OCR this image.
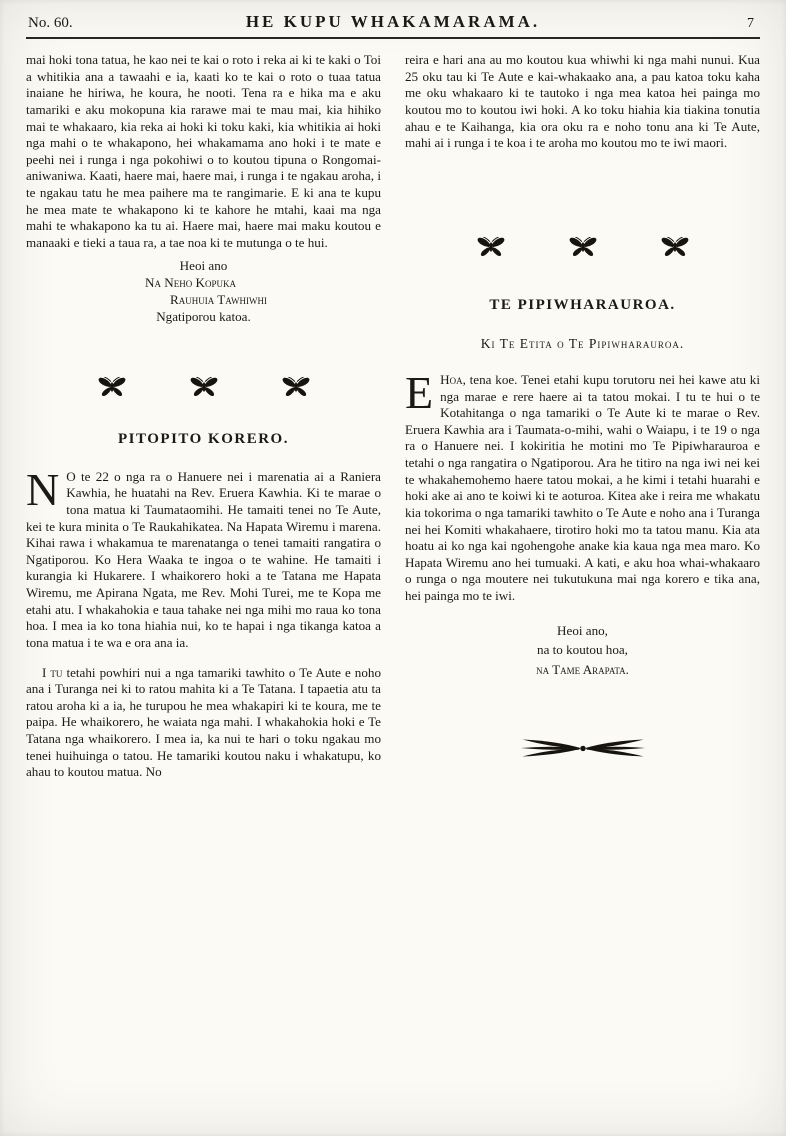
No. 60.	HE KUPU WHAKAMARAMA.	7

mai hoki tona tatua, he kao nei te kai o roto i reka ai ki te kaki o Toi a whitikia ana a tawaahi e ia, kaati ko te kai o roto o tuaa tatua inaiane he hiriwa, he koura, he nooti. Tena ra e hika ma e aku tamariki e aku mokopuna kia rarawe mai te mau mai, kia hihiko mai te whakaaro, kia reka ai hoki ki toku kaki, kia whitikia ai hoki nga mahi o te whakapono, hei whakamama ano hoki i te mate e peehi nei i runga i nga pokohiwi o to koutou tipuna o Rongomai-aniwaniwa. Kaati, haere mai, haere mai, i runga i te ngakau aroha, i te ngakau tatu he mea paihere ma te rangimarie. E ki ana te kupu he mea mate te whakapono ki te kahore he mtahi, kaai ma nga mahi te whakapono ka tu ai. Haere mai, haere mai maku koutou e manaaki e tieki a taua ra, a tae noa ki te mutunga o te hui.

Heoi ano
Na Neho Kopuka
Rauhuia Tawhiwhi
Ngatiporou katoa.
PITOPITO KORERO.

N O te 22 o nga ra o Hanuere nei i marenatia ai a Raniera Kawhia, he huatahi na Rev. Eruera Kawhia. Ki te marae o tona matua ki Taumataomihi. He tamaiti tenei no Te Aute, kei te kura minita o Te Raukahikatea. Na Hapata Wiremu i marena. Kihai rawa i whakamua te marenatanga o tenei tamaiti rangatira o Ngatiporou. Ko Hera Waaka te ingoa o te wahine. He tamaiti i kurangia ki Hukarere. I whaikorero hoki a te Tatana me Hapata Wiremu, me Apirana Ngata, me Rev. Mohi Turei, me te Kopa me etahi atu. I whakahokia e taua tahake nei nga mihi mo raua ko tona hoa. I mea ia ko tona hiahia nui, ko te hapai i nga tikanga katoa a tona matua i te wa e ora ana ia.

I tu tetahi powhiri nui a nga tamariki tawhito o Te Aute e noho ana i Turanga nei ki to ratou mahita ki a Te Tatana. I tapaetia atu ta ratou aroha ki a ia, he turupou he mea whakapiri ki te koura, me te paipa. He whaikorero, he waiata nga mahi. I whakahokia hoki e Te Tatana nga whaikorero. I mea ia, ka nui te hari o toku ngakau mo tenei huihuinga o tatou. He tamariki koutou naku i whakatupu, ko ahau to koutou matua. No

reira e hari ana au mo koutou kua whiwhi ki nga mahi nunui. Kua 25 oku tau ki Te Aute e kai-whakaako ana, a pau katoa toku kaha me oku whakaaro ki te tautoko i nga mea katoa hei painga mo koutou mo to koutou iwi hoki. A ko toku hiahia kia tiakina tonutia ahau e te Kaihanga, kia ora oku ra e noho tonu ana ki Te Aute, mahi ai i runga i te koa i te aroha mo koutou mo te iwi maori.

TE PIPIWHARAUROA.
Ki Te Etita o Te Pipiwharauroa.

E Hoa, tena koe. Tenei etahi kupu torutoru nei hei kawe atu ki nga marae e rere haere ai ta tatou mokai. I tu te hui o te Kotahitanga o nga tamariki o Te Aute ki te marae o Rev. Eruera Kawhia ara i Taumata-o-mihi, wahi o Waiapu, i te 19 o nga ra o Hanuere nei. I kokiritia he motini mo Te Pipiwharauroa e tetahi o nga rangatira o Ngatiporou. Ara he titiro na nga iwi nei kei te whakahemohemo haere tatou mokai, a he kimi i tetahi huarahi e hoki ake ai ano te koiwi ki te aoturoa. Kitea ake i reira me whakatu kia tokorima o nga tamariki tawhito o Te Aute e noho ana i Turanga nei hei Komiti whakahaere, tirotiro hoki mo ta tatou manu. Kia ata hoatu ai ko nga kai ngohengohe anake kia kaua nga mea maro. Ko Hapata Wiremu ano hei tumuaki. A kati, e aku hoa whai-whakaaro o runga o nga moutere nei tukutukuna mai nga korero e tika ana, hei painga mo te iwi.

Heoi ano,
na to koutou hoa,
na Tame Arapata.
